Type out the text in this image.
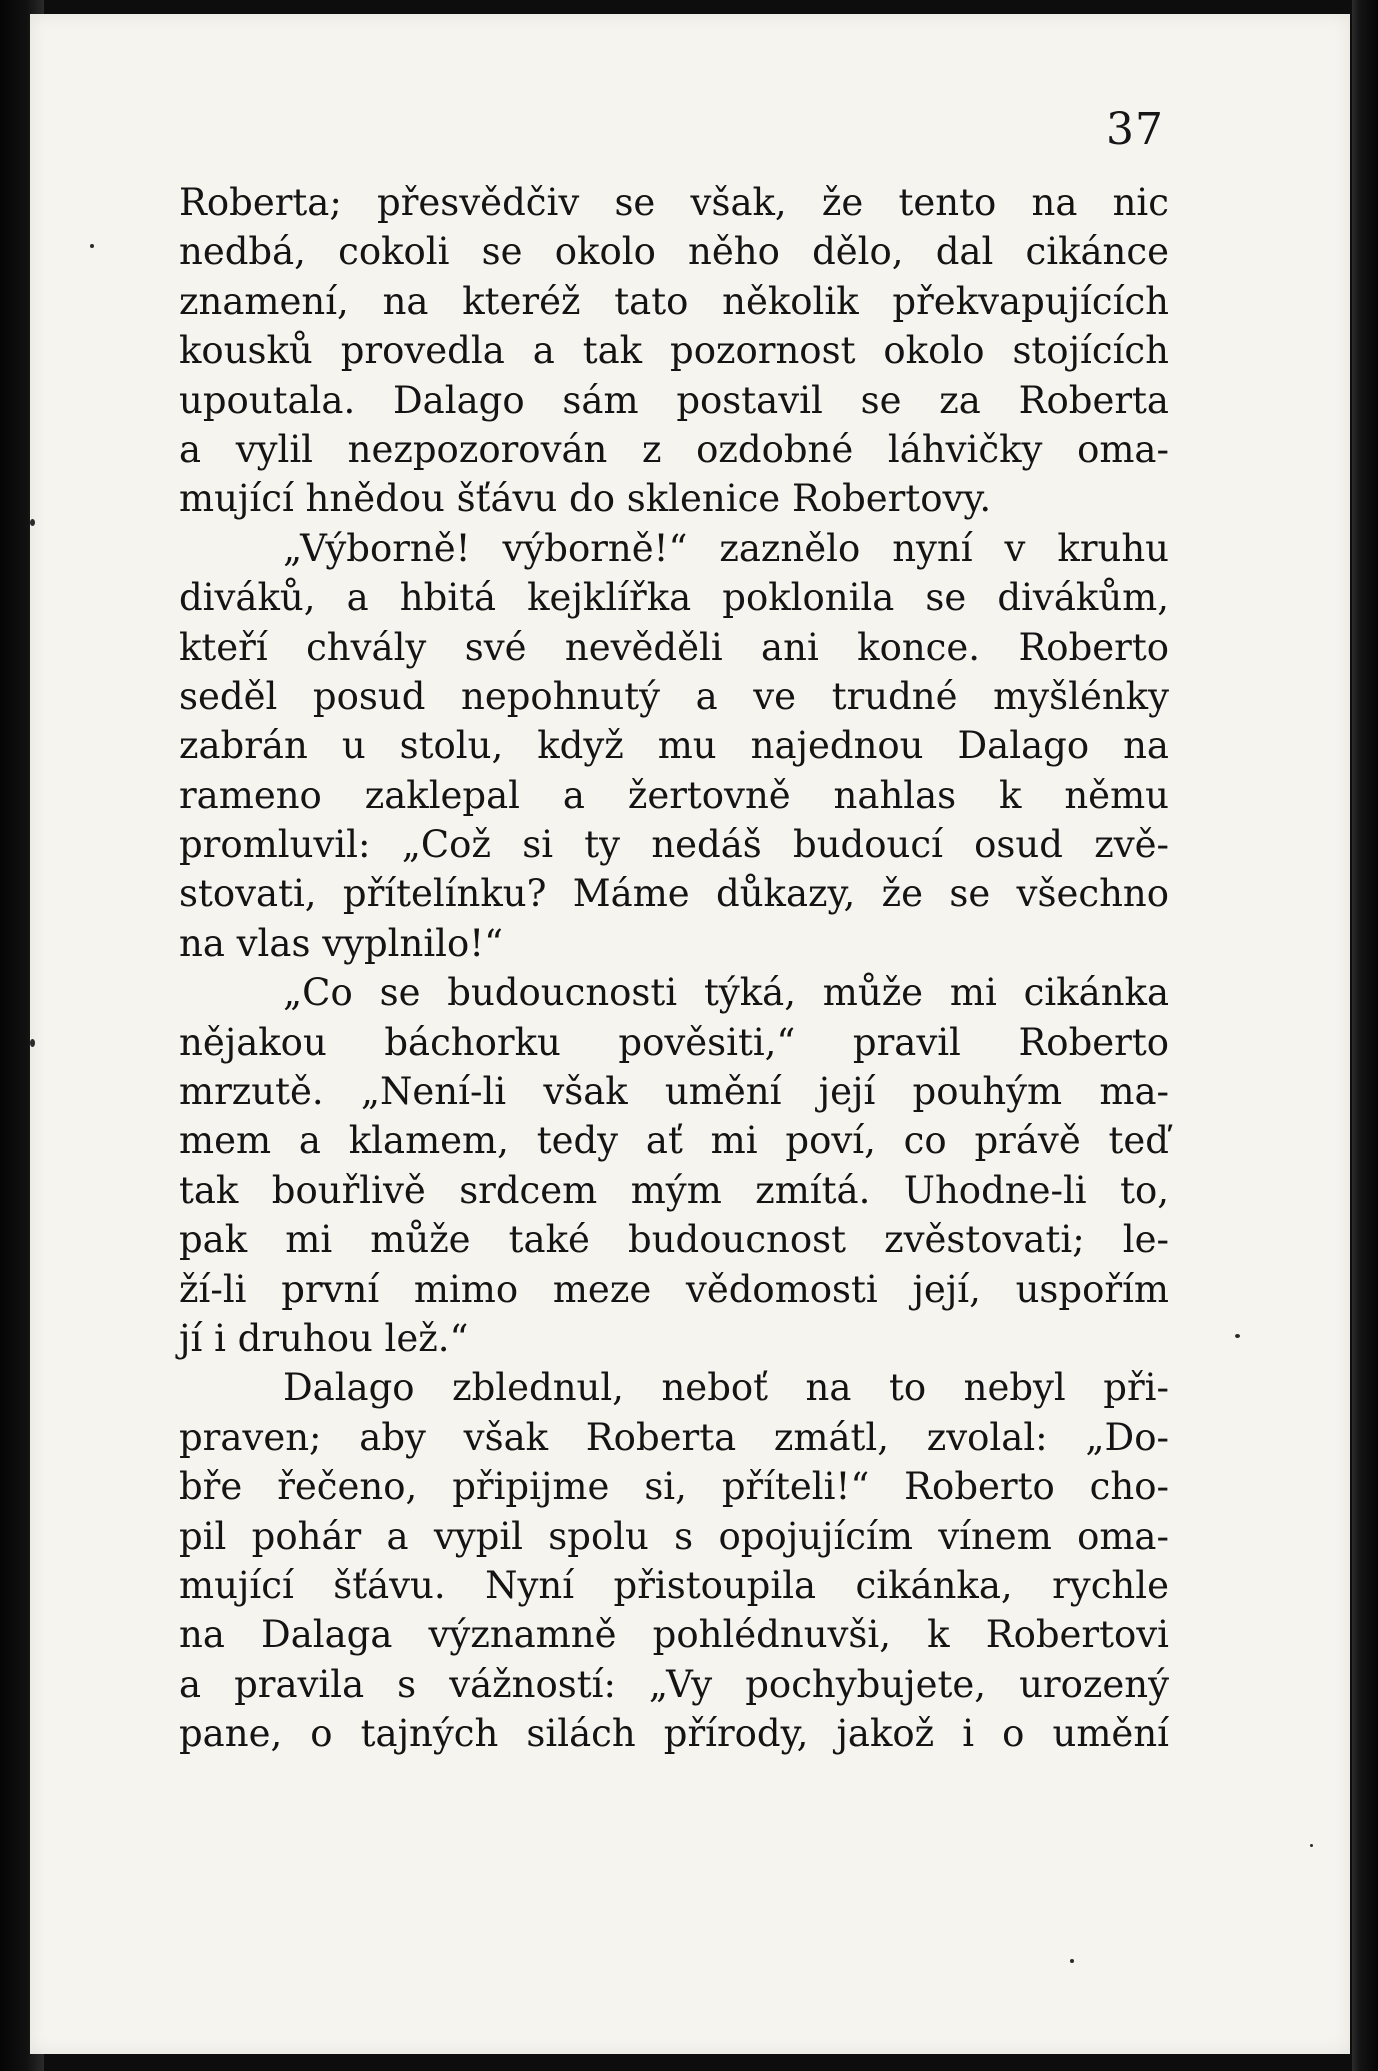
37
Roberta; přesvědčiv se však, že tento na nic
nedbá, cokoli se okolo něho dělo, dal cikánce
znamení, na kteréž tato několik překvapujících
kousků provedla a tak pozornost okolo stojících
upoutala. Dalago sám postavil se za Roberta
a vylil nezpozorován z ozdobné láhvičky oma-
mující hnědou šťávu do sklenice Robertovy.
„Výborně! výborně!“ zaznělo nyní v kruhu
diváků, a hbitá kejklířka poklonila se divákům,
kteří chvály své nevěděli ani konce. Roberto
seděl posud nepohnutý a ve trudné myšlénky
zabrán u stolu, když mu najednou Dalago na
rameno zaklepal a žertovně nahlas k němu
promluvil: „Což si ty nedáš budoucí osud zvě-
stovati, přítelínku? Máme důkazy, že se všechno
na vlas vyplnilo!“
„Co se budoucnosti týká, může mi cikánka
nějakou báchorku pověsiti,“ pravil Roberto
mrzutě. „Není-li však umění její pouhým ma-
mem a klamem, tedy ať mi poví, co právě teď
tak bouřlivě srdcem mým zmítá. Uhodne-li to,
pak mi může také budoucnost zvěstovati; le-
ží-li první mimo meze vědomosti její, uspořím
jí i druhou lež.“
Dalago zblednul, neboť na to nebyl při-
praven; aby však Roberta zmátl, zvolal: „Do-
bře řečeno, připijme si, příteli!“ Roberto cho-
pil pohár a vypil spolu s opojujícím vínem oma-
mující šťávu. Nyní přistoupila cikánka, rychle
na Dalaga významně pohlédnuvši, k Robertovi
a pravila s vážností: „Vy pochybujete, urozený
pane, o tajných silách přírody, jakož i o umění
